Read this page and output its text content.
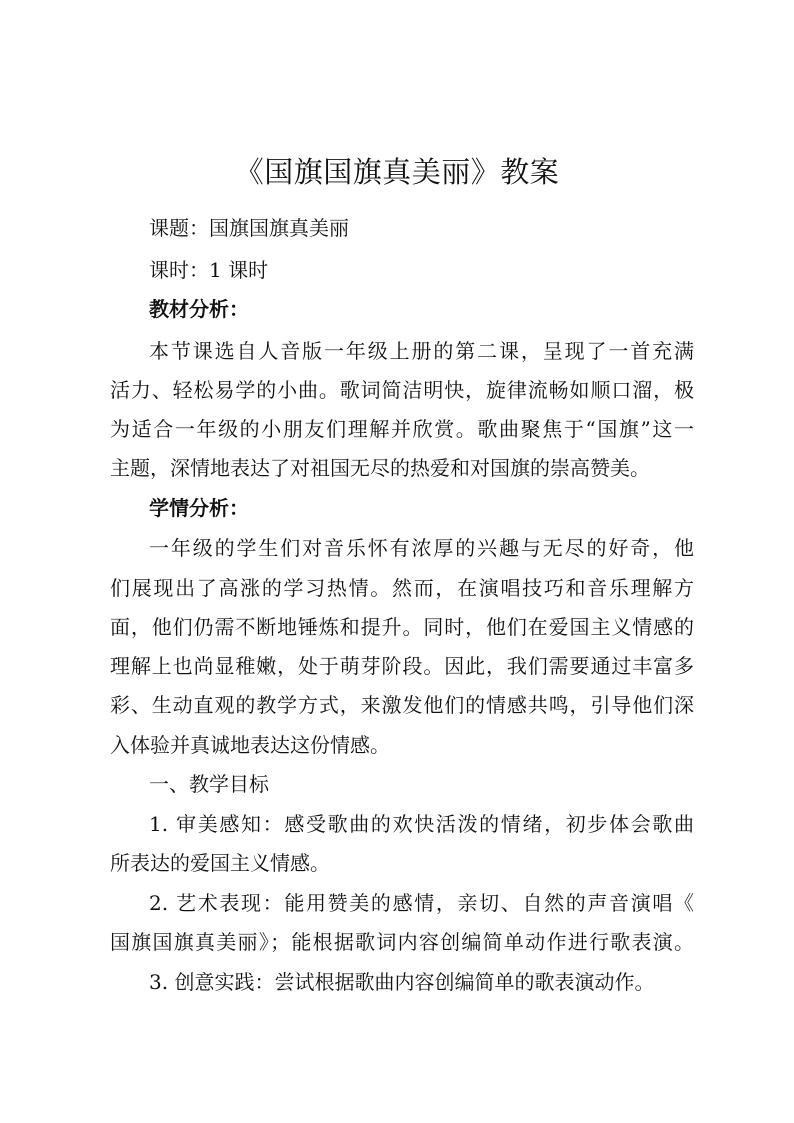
《国旗国旗真美丽》教案

课题：国旗国旗真美丽

课时：1 课时

教材分析：

本节课选自人音版一年级上册的第二课，呈现了一首充满

活力、轻松易学的小曲。歌词简洁明快，旋律流畅如顺口溜，极

为适合一年级的小朋友们理解并欣赏。歌曲聚焦于“国旗”这一

主题，深情地表达了对祖国无尽的热爱和对国旗的崇高赞美。

学情分析：

一年级的学生们对音乐怀有浓厚的兴趣与无尽的好奇，他

们展现出了高涨的学习热情。然而，在演唱技巧和音乐理解方

面，他们仍需不断地锤炼和提升。同时，他们在爱国主义情感的

理解上也尚显稚嫩，处于萌芽阶段。因此，我们需要通过丰富多

彩、生动直观的教学方式，来激发他们的情感共鸣，引导他们深

入体验并真诚地表达这份情感。

一、教学目标

1. 审美感知：感受歌曲的欢快活泼的情绪，初步体会歌曲

所表达的爱国主义情感。

2. 艺术表现：能用赞美的感情，亲切、自然的声音演唱《

国旗国旗真美丽》；能根据歌词内容创编简单动作进行歌表演。

3. 创意实践：尝试根据歌曲内容创编简单的歌表演动作。
